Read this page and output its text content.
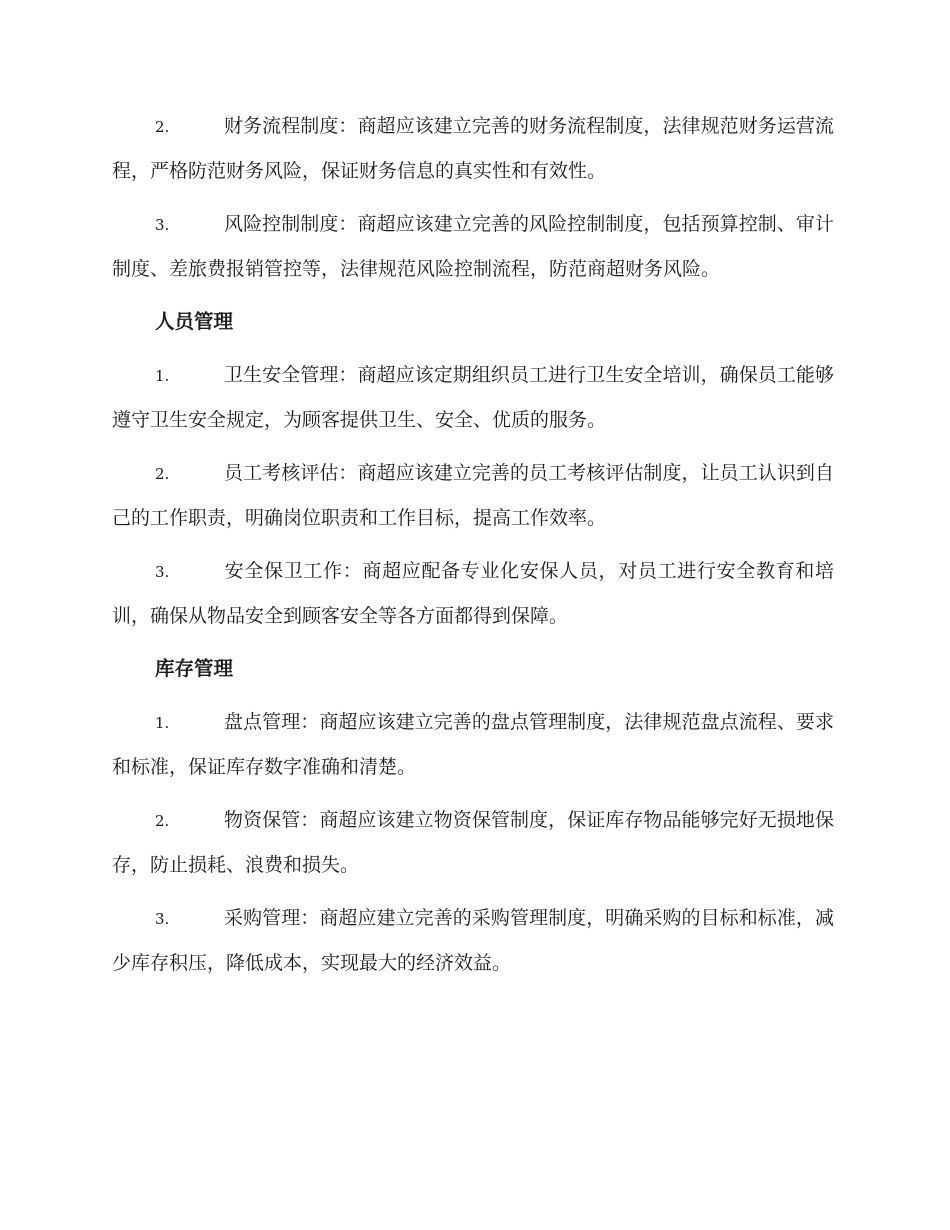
2.	财务流程制度：商超应该建立完善的财务流程制度，法律规范财务运营流程，严格防范财务风险，保证财务信息的真实性和有效性。
3.	风险控制制度：商超应该建立完善的风险控制制度，包括预算控制、审计制度、差旅费报销管控等，法律规范风险控制流程，防范商超财务风险。
人员管理
1.	卫生安全管理：商超应该定期组织员工进行卫生安全培训，确保员工能够遵守卫生安全规定，为顾客提供卫生、安全、优质的服务。
2.	员工考核评估：商超应该建立完善的员工考核评估制度，让员工认识到自己的工作职责，明确岗位职责和工作目标，提高工作效率。
3.	安全保卫工作：商超应配备专业化安保人员，对员工进行安全教育和培训，确保从物品安全到顾客安全等各方面都得到保障。
库存管理
1.	盘点管理：商超应该建立完善的盘点管理制度，法律规范盘点流程、要求和标准，保证库存数字准确和清楚。
2.	物资保管：商超应该建立物资保管制度，保证库存物品能够完好无损地保存，防止损耗、浪费和损失。
3.	采购管理：商超应建立完善的采购管理制度，明确采购的目标和标准，减少库存积压，降低成本，实现最大的经济效益。
